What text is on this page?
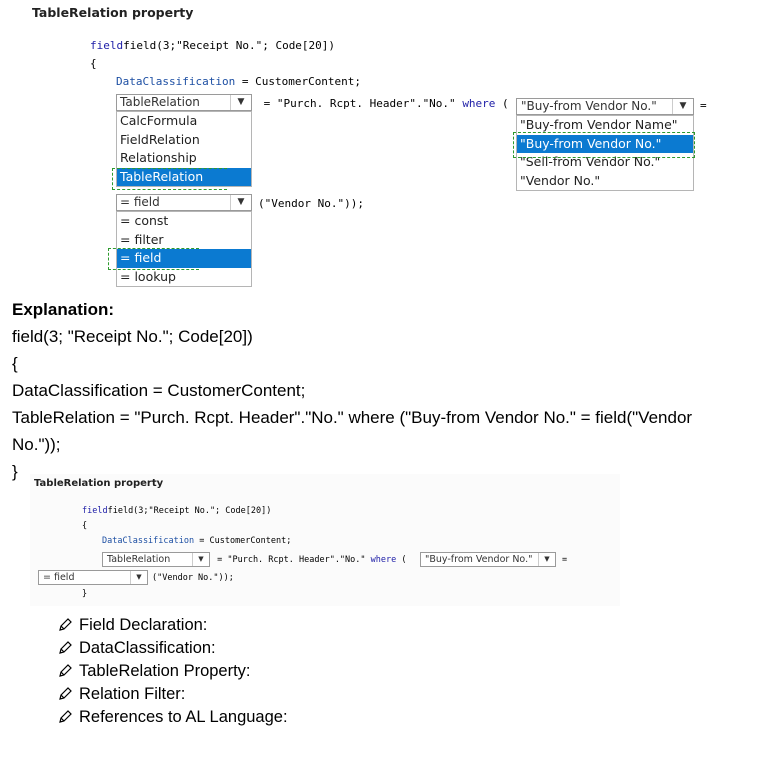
TableRelation property
fieldfield(3;"Receipt No."; Code[20])
{
DataClassification = CustomerContent;
TableRelation	▼
CalcFormula
FieldRelation
Relationship
TableRelation
= "Purch. Rcpt. Header"."No." where ( "Buy-from Vendor No."	▼	=
"Buy-from Vendor Name"
"Buy-from Vendor No."
"Sell-from Vendor No."
"Vendor No."
= field	▼	("Vendor No."));
= const
= filter
= field
= lookup
Explanation:
field(3; "Receipt No."; Code[20])
{
DataClassification = CustomerContent;
TableRelation = "Purch. Rcpt. Header"."No." where ("Buy-from Vendor No." = field("Vendor
No."));
}
TableRelation property
fieldfield(3;"Receipt No."; Code[20])
{
DataClassification = CustomerContent;
TableRelation	▼ = "Purch. Rcpt. Header"."No." where ( "Buy-from Vendor No."	▼	=
= field	▼	("Vendor No."));
}
Field Declaration:
DataClassification:
TableRelation Property:
Relation Filter:
References to AL Language:
